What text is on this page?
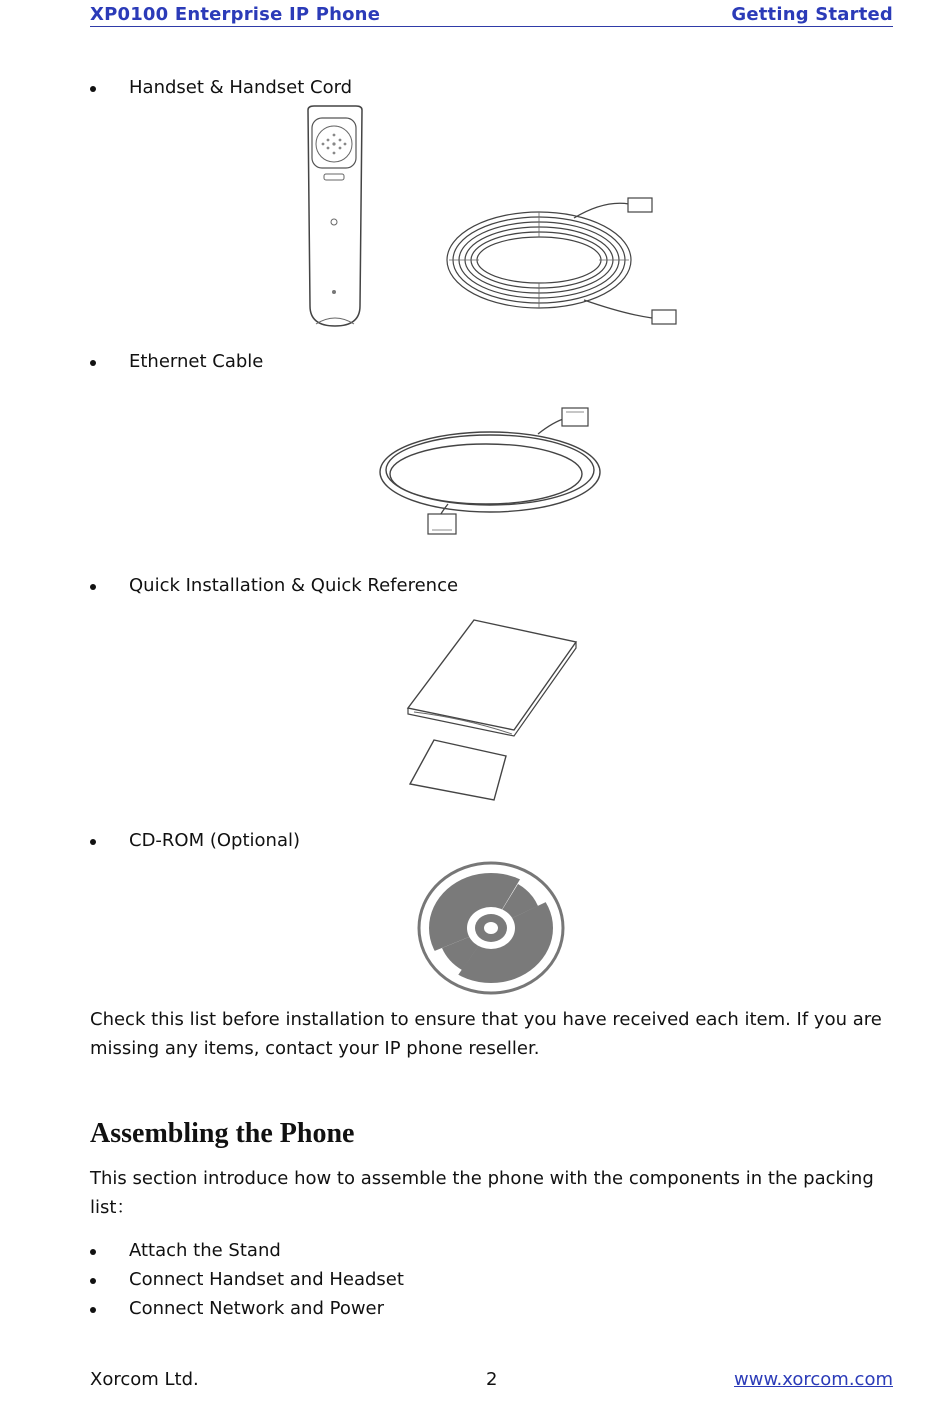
XP0100 Enterprise IP Phone	Getting Started
Handset & Handset Cord
Ethernet Cable
Quick Installation & Quick Reference
CD-ROM (Optional)

Check this list before installation to ensure that you have received each item. If you are missing any items, contact your IP phone reseller.

Assembling the Phone

This section introduce how to assemble the phone with the components in the packing list：

Attach the Stand
Connect Handset and Headset
Connect Network and Power
Xorcom Ltd.	2	www.xorcom.com
